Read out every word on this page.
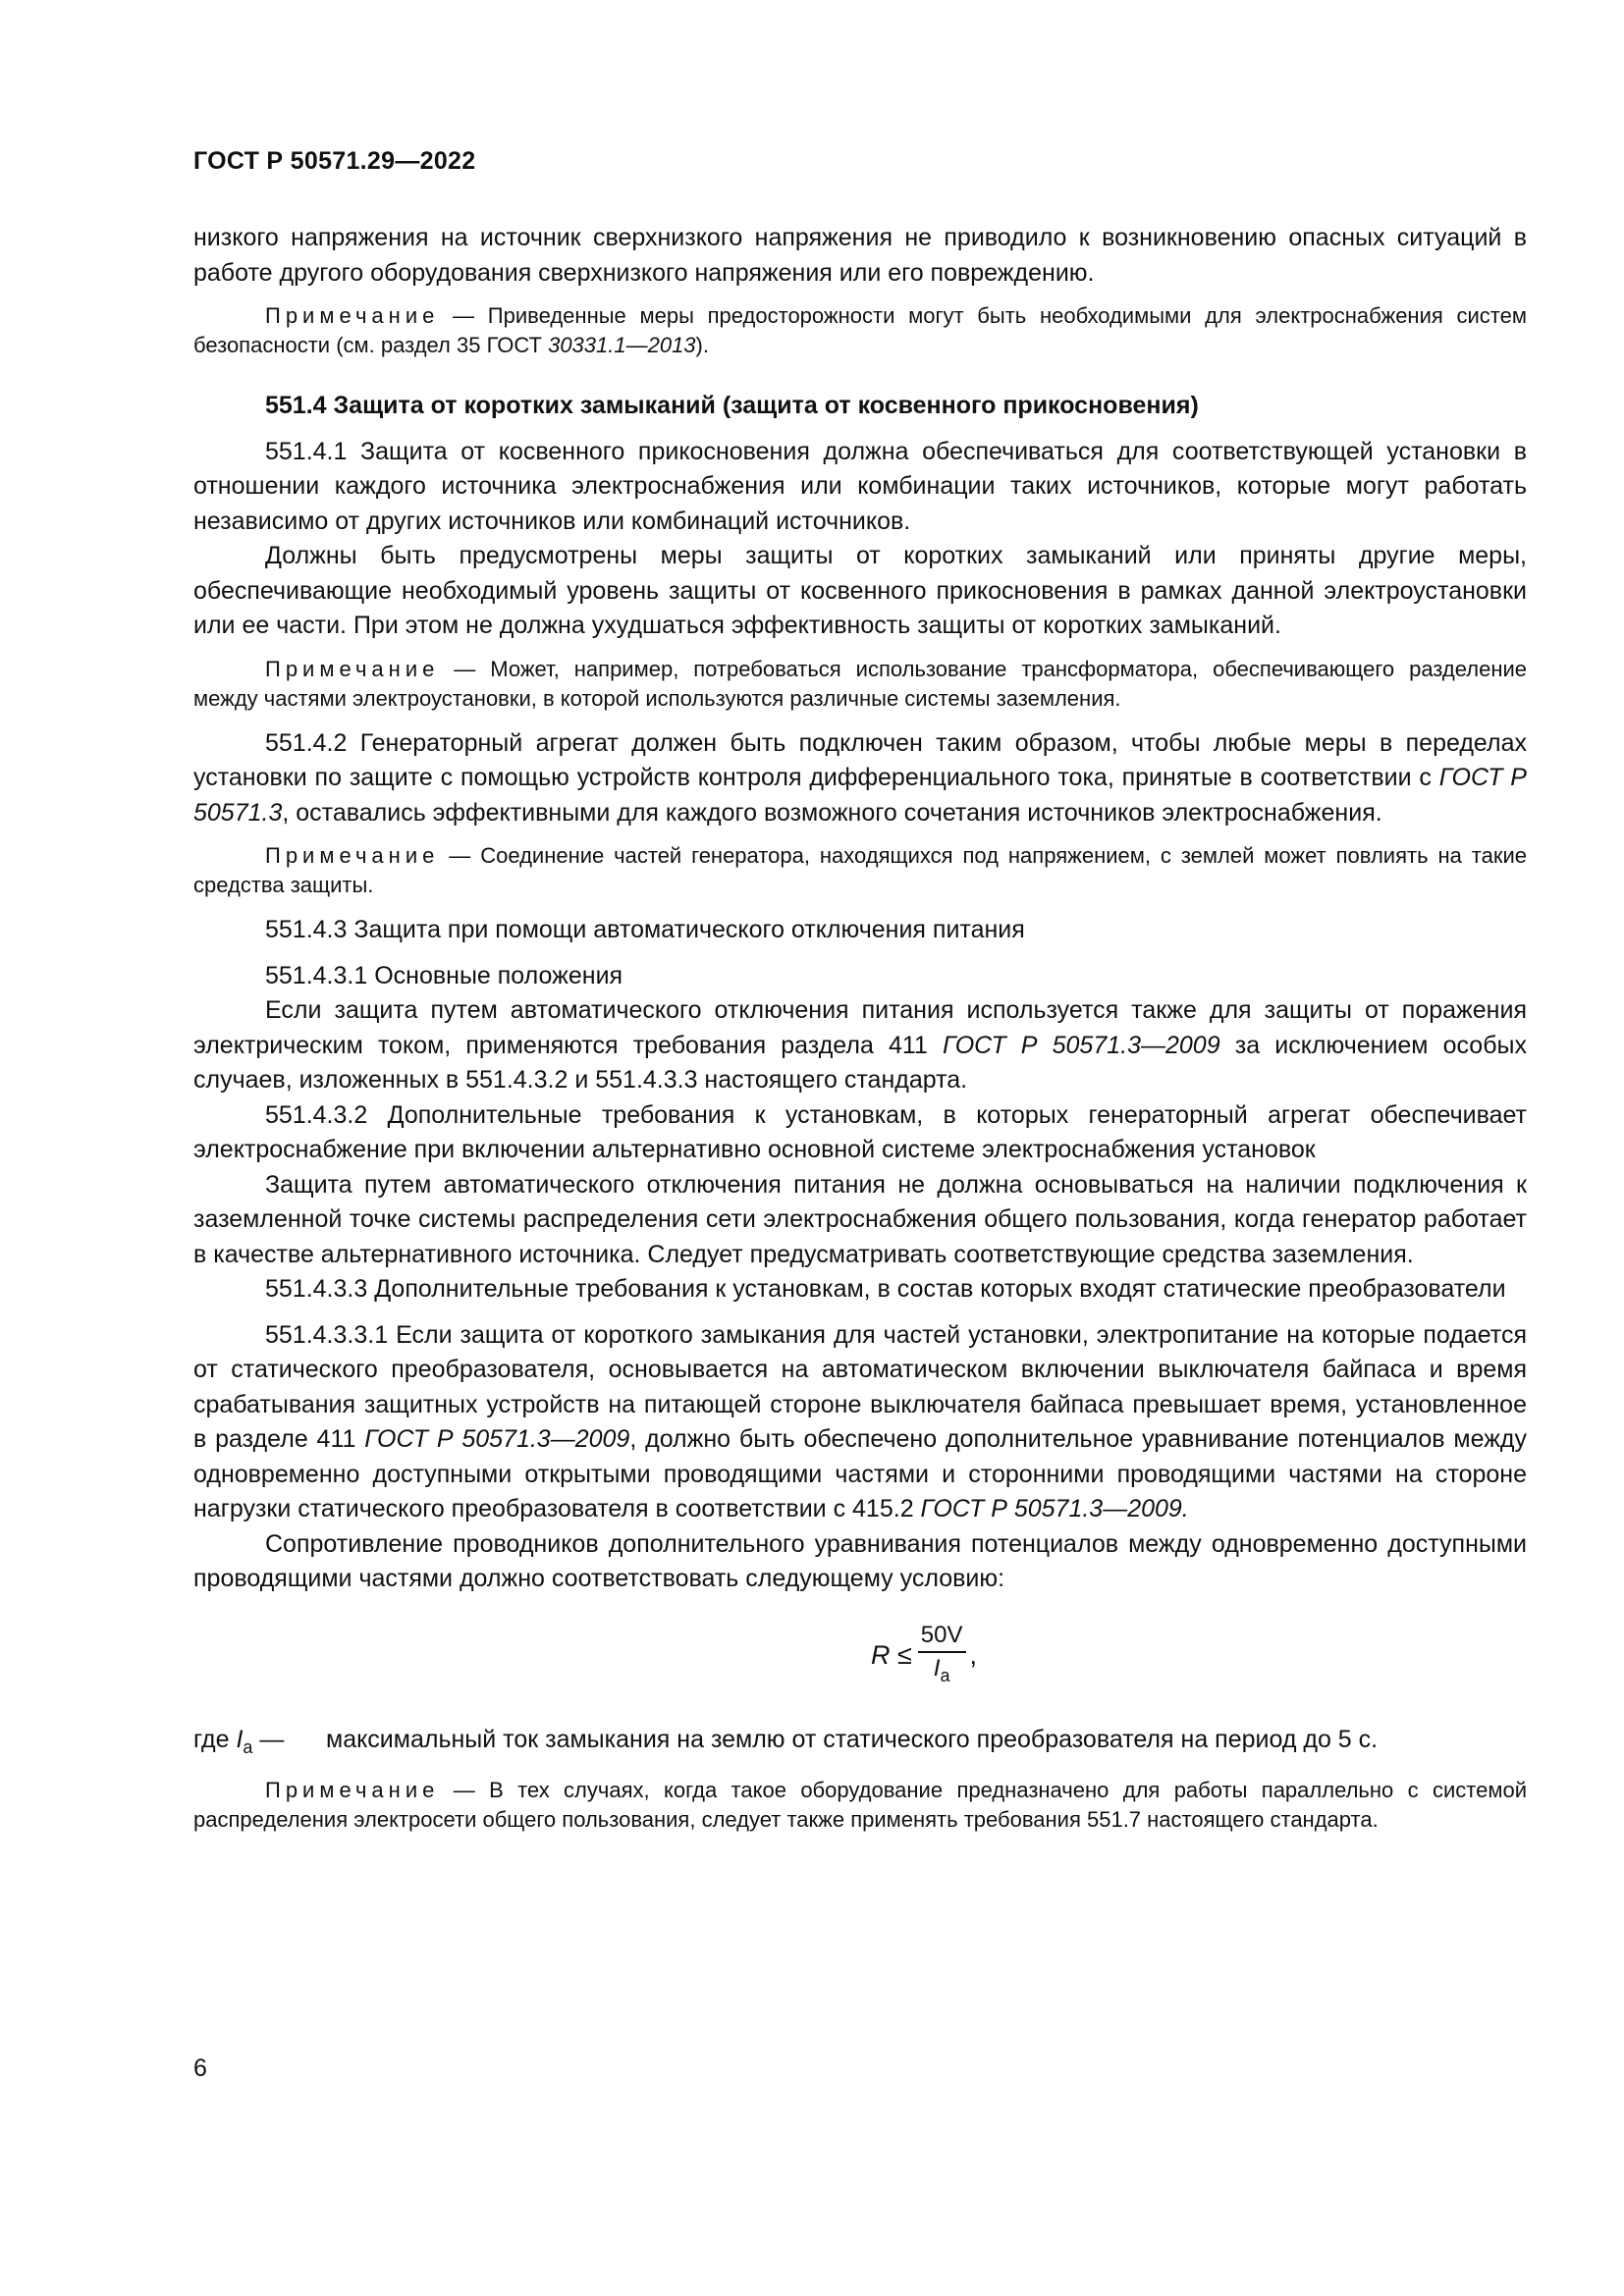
ГОСТ Р 50571.29—2022

низкого напряжения на источник сверхнизкого напряжения не приводило к возникновению опасных ситуаций в работе другого оборудования сверхнизкого напряжения или его повреждению.

Примечание — Приведенные меры предосторожности могут быть необходимыми для электроснабжения систем безопасности (см. раздел 35 ГОСТ 30331.1—2013).

551.4 Защита от коротких замыканий (защита от косвенного прикосновения)

551.4.1 Защита от косвенного прикосновения должна обеспечиваться для соответствующей установки в отношении каждого источника электроснабжения или комбинации таких источников, которые могут работать независимо от других источников или комбинаций источников.

Должны быть предусмотрены меры защиты от коротких замыканий или приняты другие меры, обеспечивающие необходимый уровень защиты от косвенного прикосновения в рамках данной электроустановки или ее части. При этом не должна ухудшаться эффективность защиты от коротких замыканий.

Примечание — Может, например, потребоваться использование трансформатора, обеспечивающего разделение между частями электроустановки, в которой используются различные системы заземления.

551.4.2 Генераторный агрегат должен быть подключен таким образом, чтобы любые меры в переделах установки по защите с помощью устройств контроля дифференциального тока, принятые в соответствии с ГОСТ Р 50571.3, оставались эффективными для каждого возможного сочетания источников электроснабжения.

Примечание — Соединение частей генератора, находящихся под напряжением, с землей может повлиять на такие средства защиты.

551.4.3 Защита при помощи автоматического отключения питания

551.4.3.1 Основные положения

Если защита путем автоматического отключения питания используется также для защиты от поражения электрическим током, применяются требования раздела 411 ГОСТ Р 50571.3—2009 за исключением особых случаев, изложенных в 551.4.3.2 и 551.4.3.3 настоящего стандарта.

551.4.3.2 Дополнительные требования к установкам, в которых генераторный агрегат обеспечивает электроснабжение при включении альтернативно основной системе электроснабжения установок

Защита путем автоматического отключения питания не должна основываться на наличии подключения к заземленной точке системы распределения сети электроснабжения общего пользования, когда генератор работает в качестве альтернативного источника. Следует предусматривать соответствующие средства заземления.

551.4.3.3 Дополнительные требования к установкам, в состав которых входят статические преобразователи

551.4.3.3.1 Если защита от короткого замыкания для частей установки, электропитание на которые подается от статического преобразователя, основывается на автоматическом включении выключателя байпаса и время срабатывания защитных устройств на питающей стороне выключателя байпаса превышает время, установленное в разделе 411 ГОСТ Р 50571.3—2009, должно быть обеспечено дополнительное уравнивание потенциалов между одновременно доступными открытыми проводящими частями и сторонними проводящими частями на стороне нагрузки статического преобразователя в соответствии с 415.2 ГОСТ Р 50571.3—2009.

Сопротивление проводников дополнительного уравнивания потенциалов между одновременно доступными проводящими частями должно соответствовать следующему условию:

$R \le \frac{50V}{I_a}$ ,
где $I_a$ —	максимальный ток замыкания на землю от статического преобразователя на период до 5 с.

Примечание — В тех случаях, когда такое оборудование предназначено для работы параллельно с системой распределения электросети общего пользования, следует также применять требования 551.7 настоящего стандарта.

6
